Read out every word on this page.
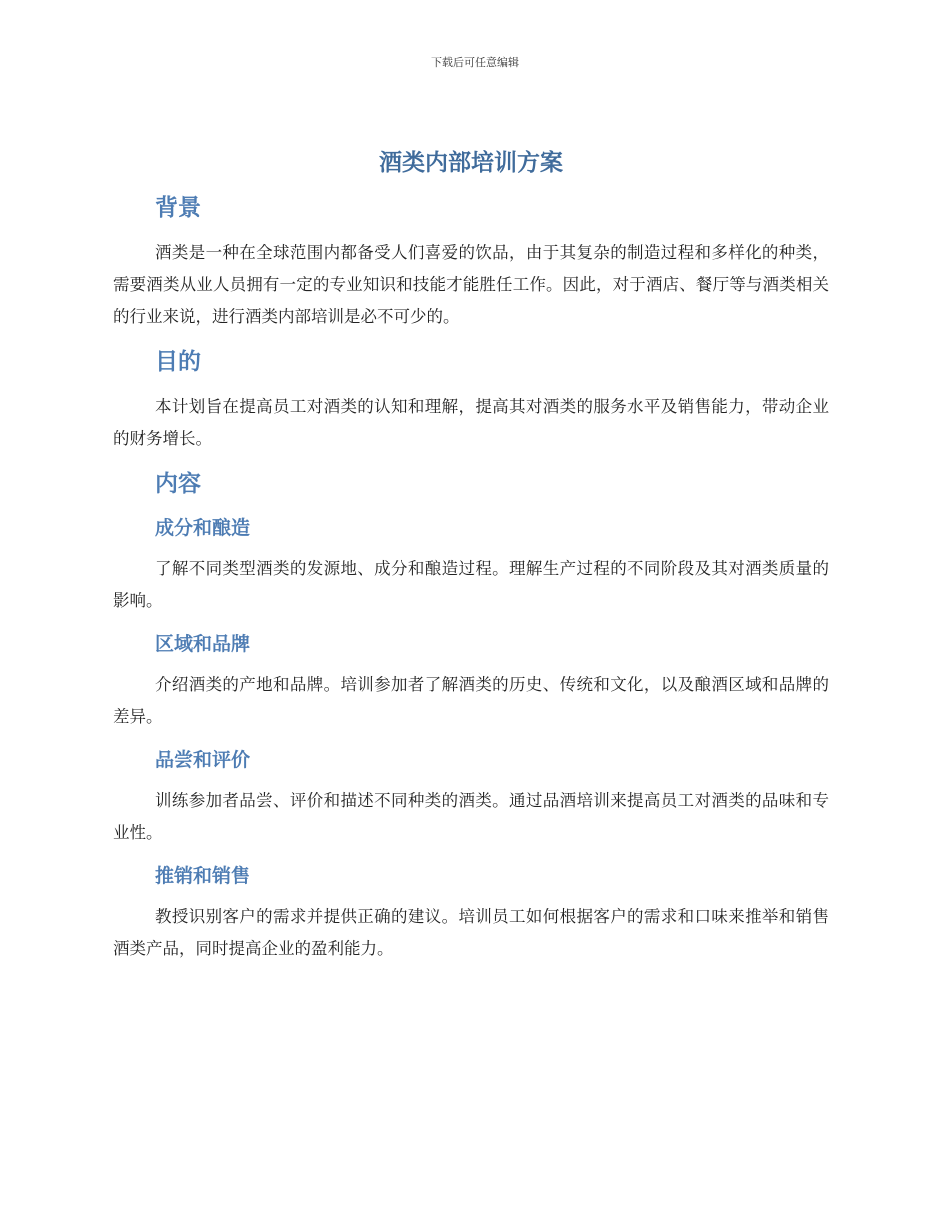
下载后可任意编辑
酒类内部培训方案
背景

酒类是一种在全球范围内都备受人们喜爱的饮品，由于其复杂的制造过程和多样化的种类，需要酒类从业人员拥有一定的专业知识和技能才能胜任工作。因此，对于酒店、餐厅等与酒类相关的行业来说，进行酒类内部培训是必不可少的。

目的

本计划旨在提高员工对酒类的认知和理解，提高其对酒类的服务水平及销售能力，带动企业的财务增长。

内容
成分和酿造

了解不同类型酒类的发源地、成分和酿造过程。理解生产过程的不同阶段及其对酒类质量的影响。

区域和品牌

介绍酒类的产地和品牌。培训参加者了解酒类的历史、传统和文化，以及酿酒区域和品牌的差异。

品尝和评价

训练参加者品尝、评价和描述不同种类的酒类。通过品酒培训来提高员工对酒类的品味和专业性。

推销和销售

教授识别客户的需求并提供正确的建议。培训员工如何根据客户的需求和口味来推举和销售酒类产品，同时提高企业的盈利能力。
